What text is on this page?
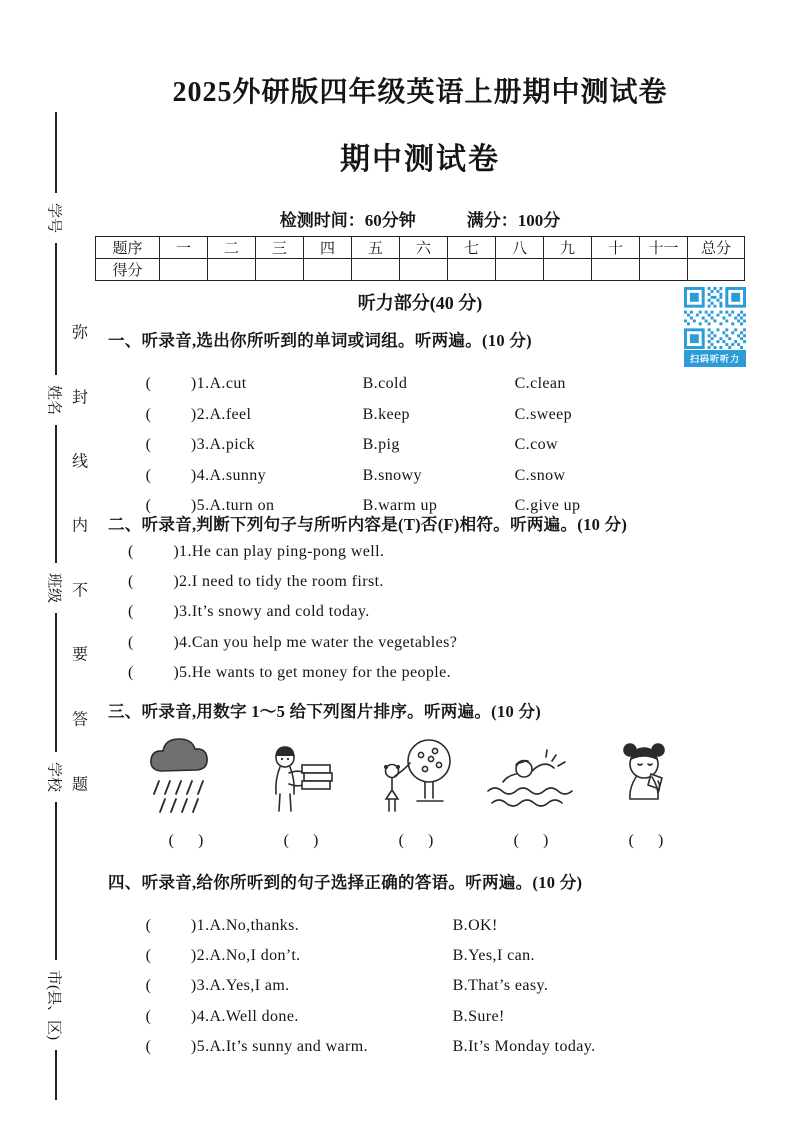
学号
姓名
班级
学校
市(县、区)
弥
封
线
内
不
要
答
题
2025外研版四年级英语上册期中测试卷
期中测试卷
检测时间：60分钟　　　满分：100分
题序	一	二	三	四	五	六	七	八	九	十	十一	总分
得分												
听力部分(40 分)
扫码听听力
一、听录音,选出你所听到的单词或词组。听两遍。(10 分)

(         )1.A.cut	B.cold	C.clean

(         )2.A.feel	B.keep	C.sweep

(         )3.A.pick	B.pig	C.cow

(         )4.A.sunny	B.snowy	C.snow

(         )5.A.turn on	B.warm up	C.give up

二、听录音,判断下列句子与所听内容是(T)否(F)相符。听两遍。(10 分)
(         )1.He can play ping-pong well.
(         )2.I need to tidy the room first.
(         )3.It’s snowy and cold today.
(         )4.Can you help me water the vegetables?
(         )5.He wants to get money for the people.
三、听录音,用数字 1～5 给下列图片排序。听两遍。(10 分)
(      )	(      )	(      )	(      )	(      )
四、听录音,给你所听到的句子选择正确的答语。听两遍。(10 分)

(         )1.A.No,thanks.	B.OK!

(         )2.A.No,I don’t.	B.Yes,I can.

(         )3.A.Yes,I am.	B.That’s easy.

(         )4.A.Well done.	B.Sure!

(         )5.A.It’s sunny and warm.	B.It’s Monday today.
